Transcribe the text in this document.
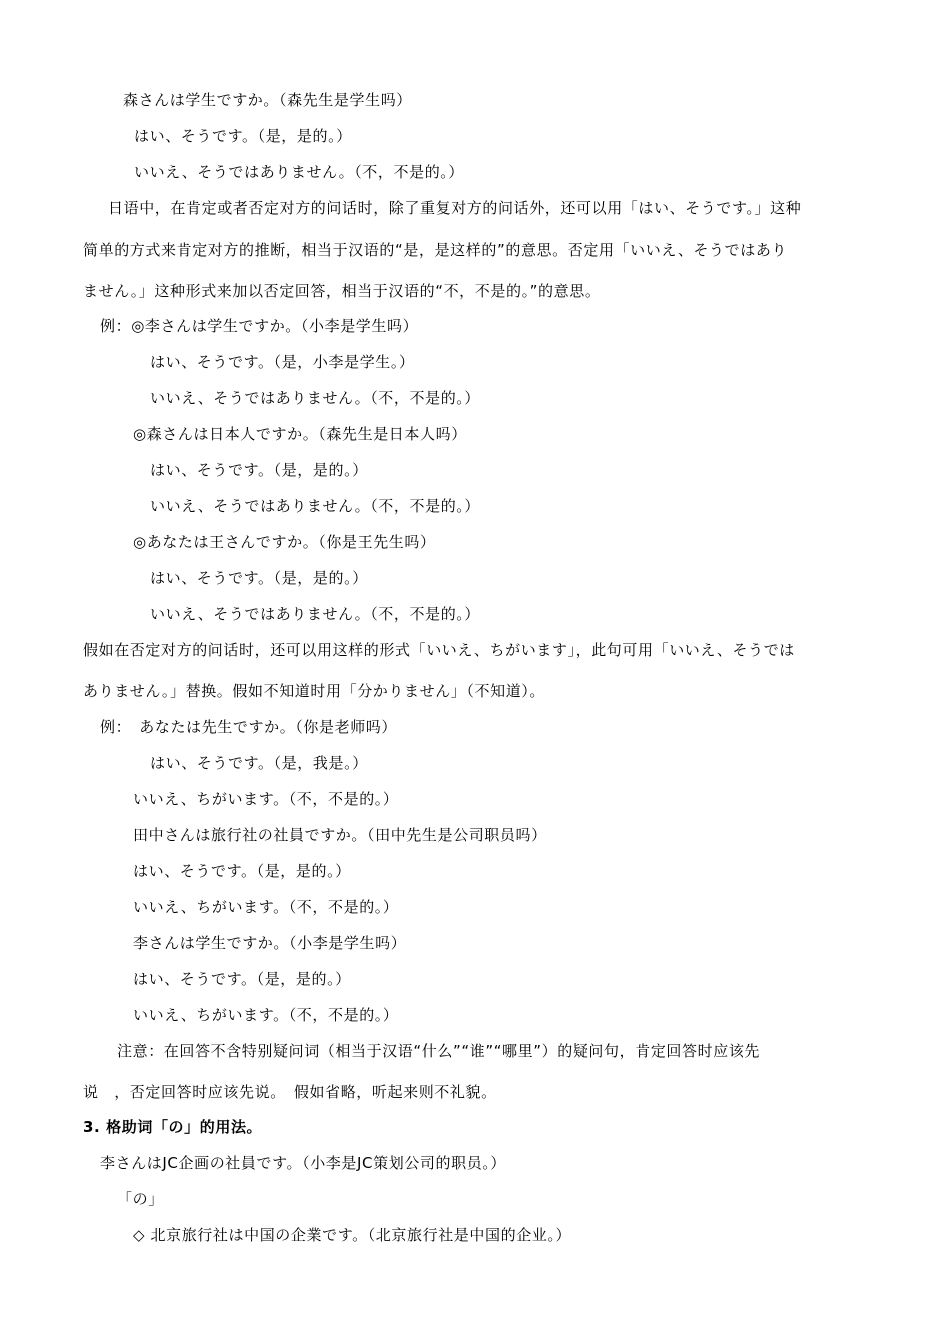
森さんは学生ですか。（森先生是学生吗）
はい、そうです。（是，是的。）
いいえ、そうではありません。（不，不是的。）
日语中，在肯定或者否定对方的问话时，除了重复对方的问话外，还可以用「はい、そうです。」这种
简单的方式来肯定对方的推断，相当于汉语的“是，是这样的”的意思。否定用「いいえ、そうではあり
ません。」这种形式来加以否定回答，相当于汉语的“不，不是的。”的意思。
例：◎李さんは学生ですか。（小李是学生吗）
はい、そうです。（是，小李是学生。）
いいえ、そうではありません。（不，不是的。）
◎森さんは日本人ですか。（森先生是日本人吗）
はい、そうです。（是，是的。）
いいえ、そうではありません。（不，不是的。）
◎あなたは王さんですか。（你是王先生吗）
はい、そうです。（是，是的。）
いいえ、そうではありません。（不，不是的。）
假如在否定对方的问话时，还可以用这样的形式「いいえ、ちがいます」，此句可用「いいえ、そうでは
ありません。」替换。假如不知道时用「分かりません」（不知道）。
例：　あなたは先生ですか。（你是老师吗）
はい、そうです。（是，我是。）
いいえ、ちがいます。（不，不是的。）
田中さんは旅行社の社員ですか。（田中先生是公司职员吗）
はい、そうです。（是，是的。）
いいえ、ちがいます。（不，不是的。）
李さんは学生ですか。（小李是学生吗）
はい、そうです。（是，是的。）
いいえ、ちがいます。（不，不是的。）
注意：在回答不含特别疑问词（相当于汉语“什么”“谁”“哪里”）的疑问句，肯定回答时应该先
说　，否定回答时应该先说。　假如省略，听起来则不礼貌。
3. 格助词「の」的用法。
李さんはJC企画の社員です。（小李是JC策划公司的职员。）
「の」
◇ 北京旅行社は中国の企業です。（北京旅行社是中国的企业。）
